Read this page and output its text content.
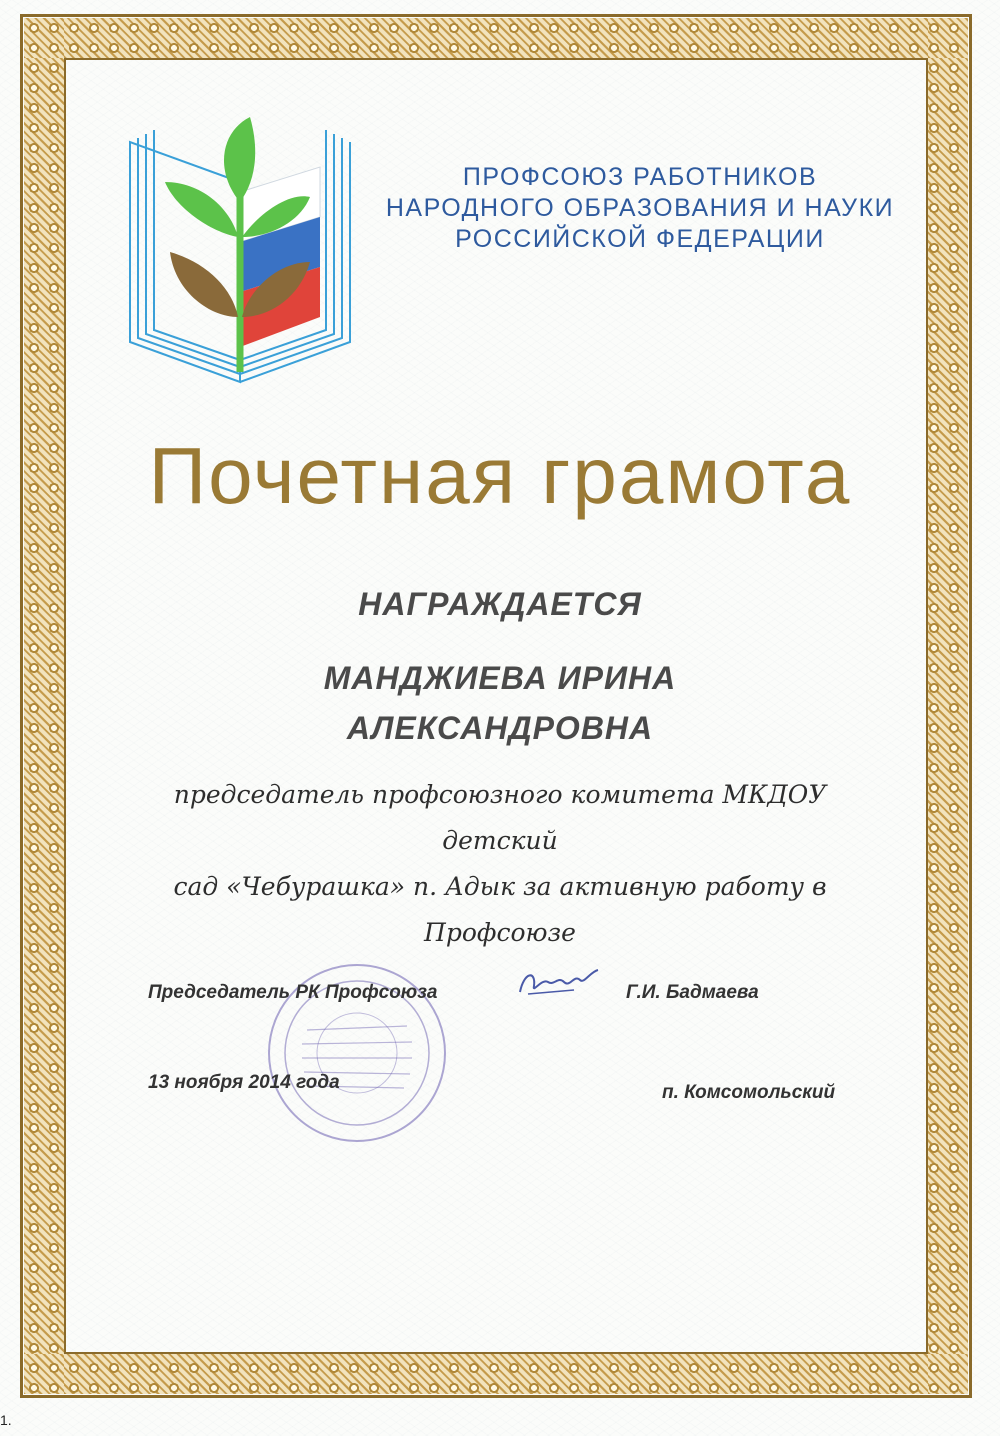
ПРОФСОЮЗ РАБОТНИКОВ
НАРОДНОГО ОБРАЗОВАНИЯ И НАУКИ
РОССИЙСКОЙ ФЕДЕРАЦИИ
Почетная грамота
НАГРАЖДАЕТСЯ
МАНДЖИЕВА ИРИНА
АЛЕКСАНДРОВНА
председатель профсоюзного комитета МКДОУ детский
сад «Чебурашка» п. Адык за активную работу в
Профсоюзе
Председатель РК Профсоюза	Г.И. Бадмаева
13 ноября 2014 года	п. Комсомольский
1.
